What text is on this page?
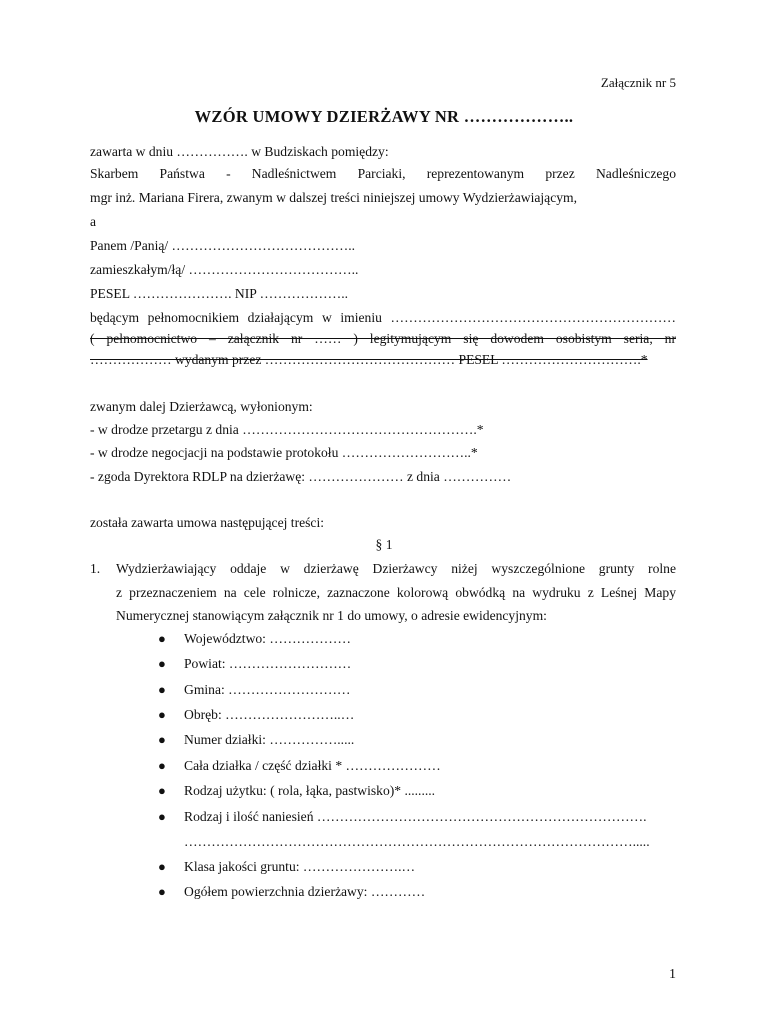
Załącznik nr 5
WZÓR UMOWY DZIERŻAWY NR ………………..
zawarta w dniu ……………. w Budziskach pomiędzy:
Skarbem Państwa - Nadleśnictwem Parciaki, reprezentowanym przez Nadleśniczego
mgr inż. Mariana Firera, zwanym w dalszej treści niniejszej umowy Wydzierżawiającym,
a
Panem /Panią/ …………………………………..
zamieszkałym/łą/ ………………………………..
PESEL …………………. NIP ………………..
będącym pełnomocnikiem działającym w imieniu ………………………………………………………
( pełnomocnictwo – załącznik nr …… ) legitymującym się dowodem osobistym seria, nr
……………… wydanym przez …………………………………… PESEL ………………………….*
zwanym dalej Dzierżawcą, wyłonionym:
- w drodze przetargu z dnia …………………………………………….*
- w drodze negocjacji na podstawie protokołu ………………………..*
- zgoda Dyrektora RDLP na dzierżawę: ………………… z dnia ……………
została zawarta umowa następującej treści:
§ 1
1. Wydzierżawiający oddaje w dzierżawę Dzierżawcy niżej wyszczególnione grunty rolne
z przeznaczeniem na cele rolnicze, zaznaczone kolorową obwódką na wydruku z Leśnej Mapy
Numerycznej stanowiącym załącznik nr 1 do umowy, o adresie ewidencyjnym:
● Województwo: ………………
● Powiat: ………………………
● Gmina: ………………………
● Obręb: ……………………..…
● Numer działki: …………….....
● Cała działka / część działki * …………………
● Rodzaj użytku: ( rola, łąka, pastwisko)* .........
● Rodzaj i ilość naniesień ……………………………………………………………….
……………………………………………………………………………………….....
● Klasa jakości gruntu: ………………….…
● Ogółem powierzchnia dzierżawy: …………
1
